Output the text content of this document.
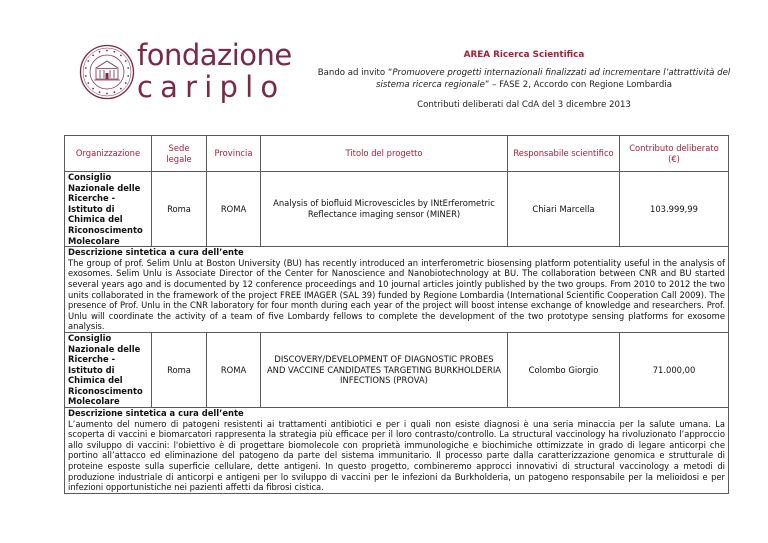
fondazione
cariplo
AREA Ricerca Scientifica
Bando ad invito “Promuovere progetti internazionali finalizzati ad incrementare l’attrattività del sistema ricerca regionale” – FASE 2, Accordo con Regione Lombardia
Contributi deliberati dal CdA del 3 dicembre 2013
Organizzazione	Sede legale	Provincia	Titolo del progetto	Responsabile scientifico	Contributo deliberato (€)
Consiglio Nazionale delle Ricerche - Istituto di Chimica del Riconoscimento Molecolare	Roma	ROMA	Analysis of biofluid Microvescicles by INtErferometric Reflectance imaging sensor (MINER)	Chiari Marcella	103.999,99

Descrizione sintetica a cura dell’ente
The group of prof. Selim Unlu at Boston University (BU) has recently introduced an interferometric biosensing platform potentiality useful in the analysis of exosomes. Selim Unlu is Associate Director of the Center for Nanoscience and Nanobiotechnology at BU. The collaboration between CNR and BU started several years ago and is documented by 12 conference proceedings and 10 journal articles jointly published by the two groups. From 2010 to 2012 the two units collaborated in the framework of the project FREE IMAGER (SAL 39) funded by Regione Lombardia (International Scientific Cooperation Call 2009). The presence of Prof. Unlu in the CNR laboratory for four month during each year of the project will boost intense exchange of knowledge and researchers. Prof. Unlu will coordinate the activity of a team of five Lombardy fellows to complete the development of the two prototype sensing platforms for exosome analysis.					
Consiglio Nazionale delle Ricerche - Istituto di Chimica del Riconoscimento Molecolare	Roma	ROMA	DISCOVERY/DEVELOPMENT OF DIAGNOSTIC PROBES AND VACCINE CANDIDATES TARGETING BURKHOLDERIA INFECTIONS (PROVA)	Colombo Giorgio	71.000,00

Descrizione sintetica a cura dell’ente
L’aumento del numero di patogeni resistenti ai trattamenti antibiotici e per i quali non esiste diagnosi è una seria minaccia per la salute umana. La scoperta di vaccini e biomarcatori rappresenta la strategia più efficace per il loro contrasto/controllo. La structural vaccinology ha rivoluzionato l’approccio allo sviluppo di vaccini: l'obiettivo è di progettare biomolecole con proprietà immunologiche e biochimiche ottimizzate in grado di legare anticorpi che portino all’attacco ed eliminazione del patogeno da parte del sistema immunitario. Il processo parte dalla caratterizzazione genomica e strutturale di proteine esposte sulla superficie cellulare, dette antigeni. In questo progetto, combineremo approcci innovativi di structural vaccinology a metodi di produzione industriale di anticorpi e antigeni per lo sviluppo di vaccini per le infezioni da Burkholderia, un patogeno responsabile per la melioidosi e per infezioni opportunistiche nei pazienti affetti da fibrosi cistica.					
